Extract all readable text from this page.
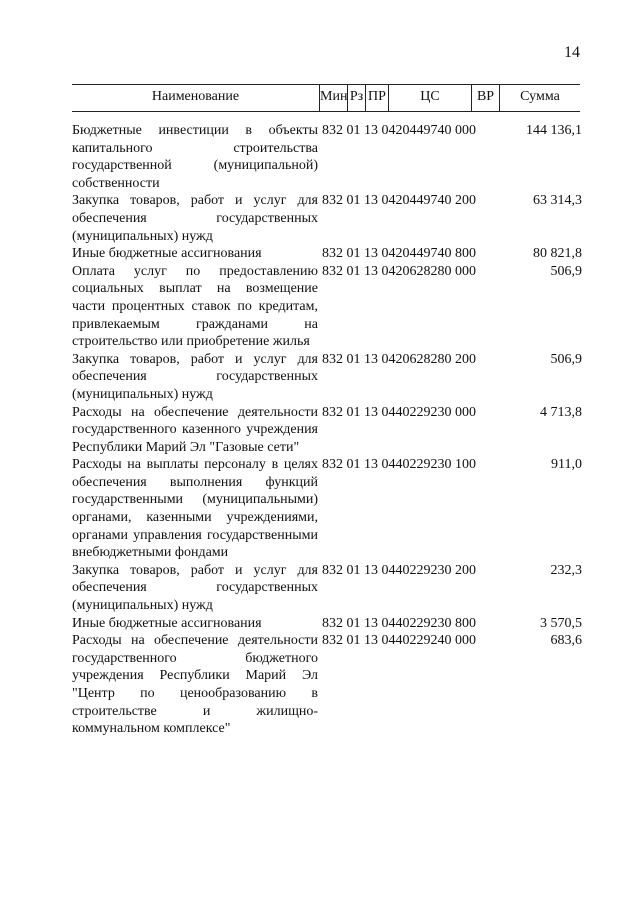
14
Наименование	Мин Рз ПР	ЦС	ВР	Сумма
Бюджетные инвестиции в объекты капитального строительства государственной (муниципальной) собственности
832 01 13 0420449740 000	144 136,1
Закупка товаров, работ и услуг для обеспечения государственных (муниципальных) нужд
832 01 13 0420449740 200	63 314,3
Иные бюджетные ассигнования	832 01 13 0420449740 800	80 821,8
Оплата услуг по предоставлению социальных выплат на возмещение части процентных ставок по кредитам, привлекаемым гражданами на строительство или приобретение жилья
832 01 13 0420628280 000	506,9
Закупка товаров, работ и услуг для обеспечения государственных (муниципальных) нужд
832 01 13 0420628280 200	506,9
Расходы на обеспечение деятельности государственного казенного учреждения Республики Марий Эл "Газовые сети"
832 01 13 0440229230 000	4 713,8
Расходы на выплаты персоналу в целях обеспечения выполнения функций государственными (муниципальными) органами, казенными учреждениями, органами управления государственными внебюджетными фондами
832 01 13 0440229230 100	911,0
Закупка товаров, работ и услуг для обеспечения государственных (муниципальных) нужд
832 01 13 0440229230 200	232,3
Иные бюджетные ассигнования	832 01 13 0440229230 800	3 570,5
Расходы на обеспечение деятельности государственного бюджетного учреждения Республики Марий Эл "Центр по ценообразованию в строительстве и жилищно-коммунальном комплексе"
832 01 13 0440229240 000	683,6
